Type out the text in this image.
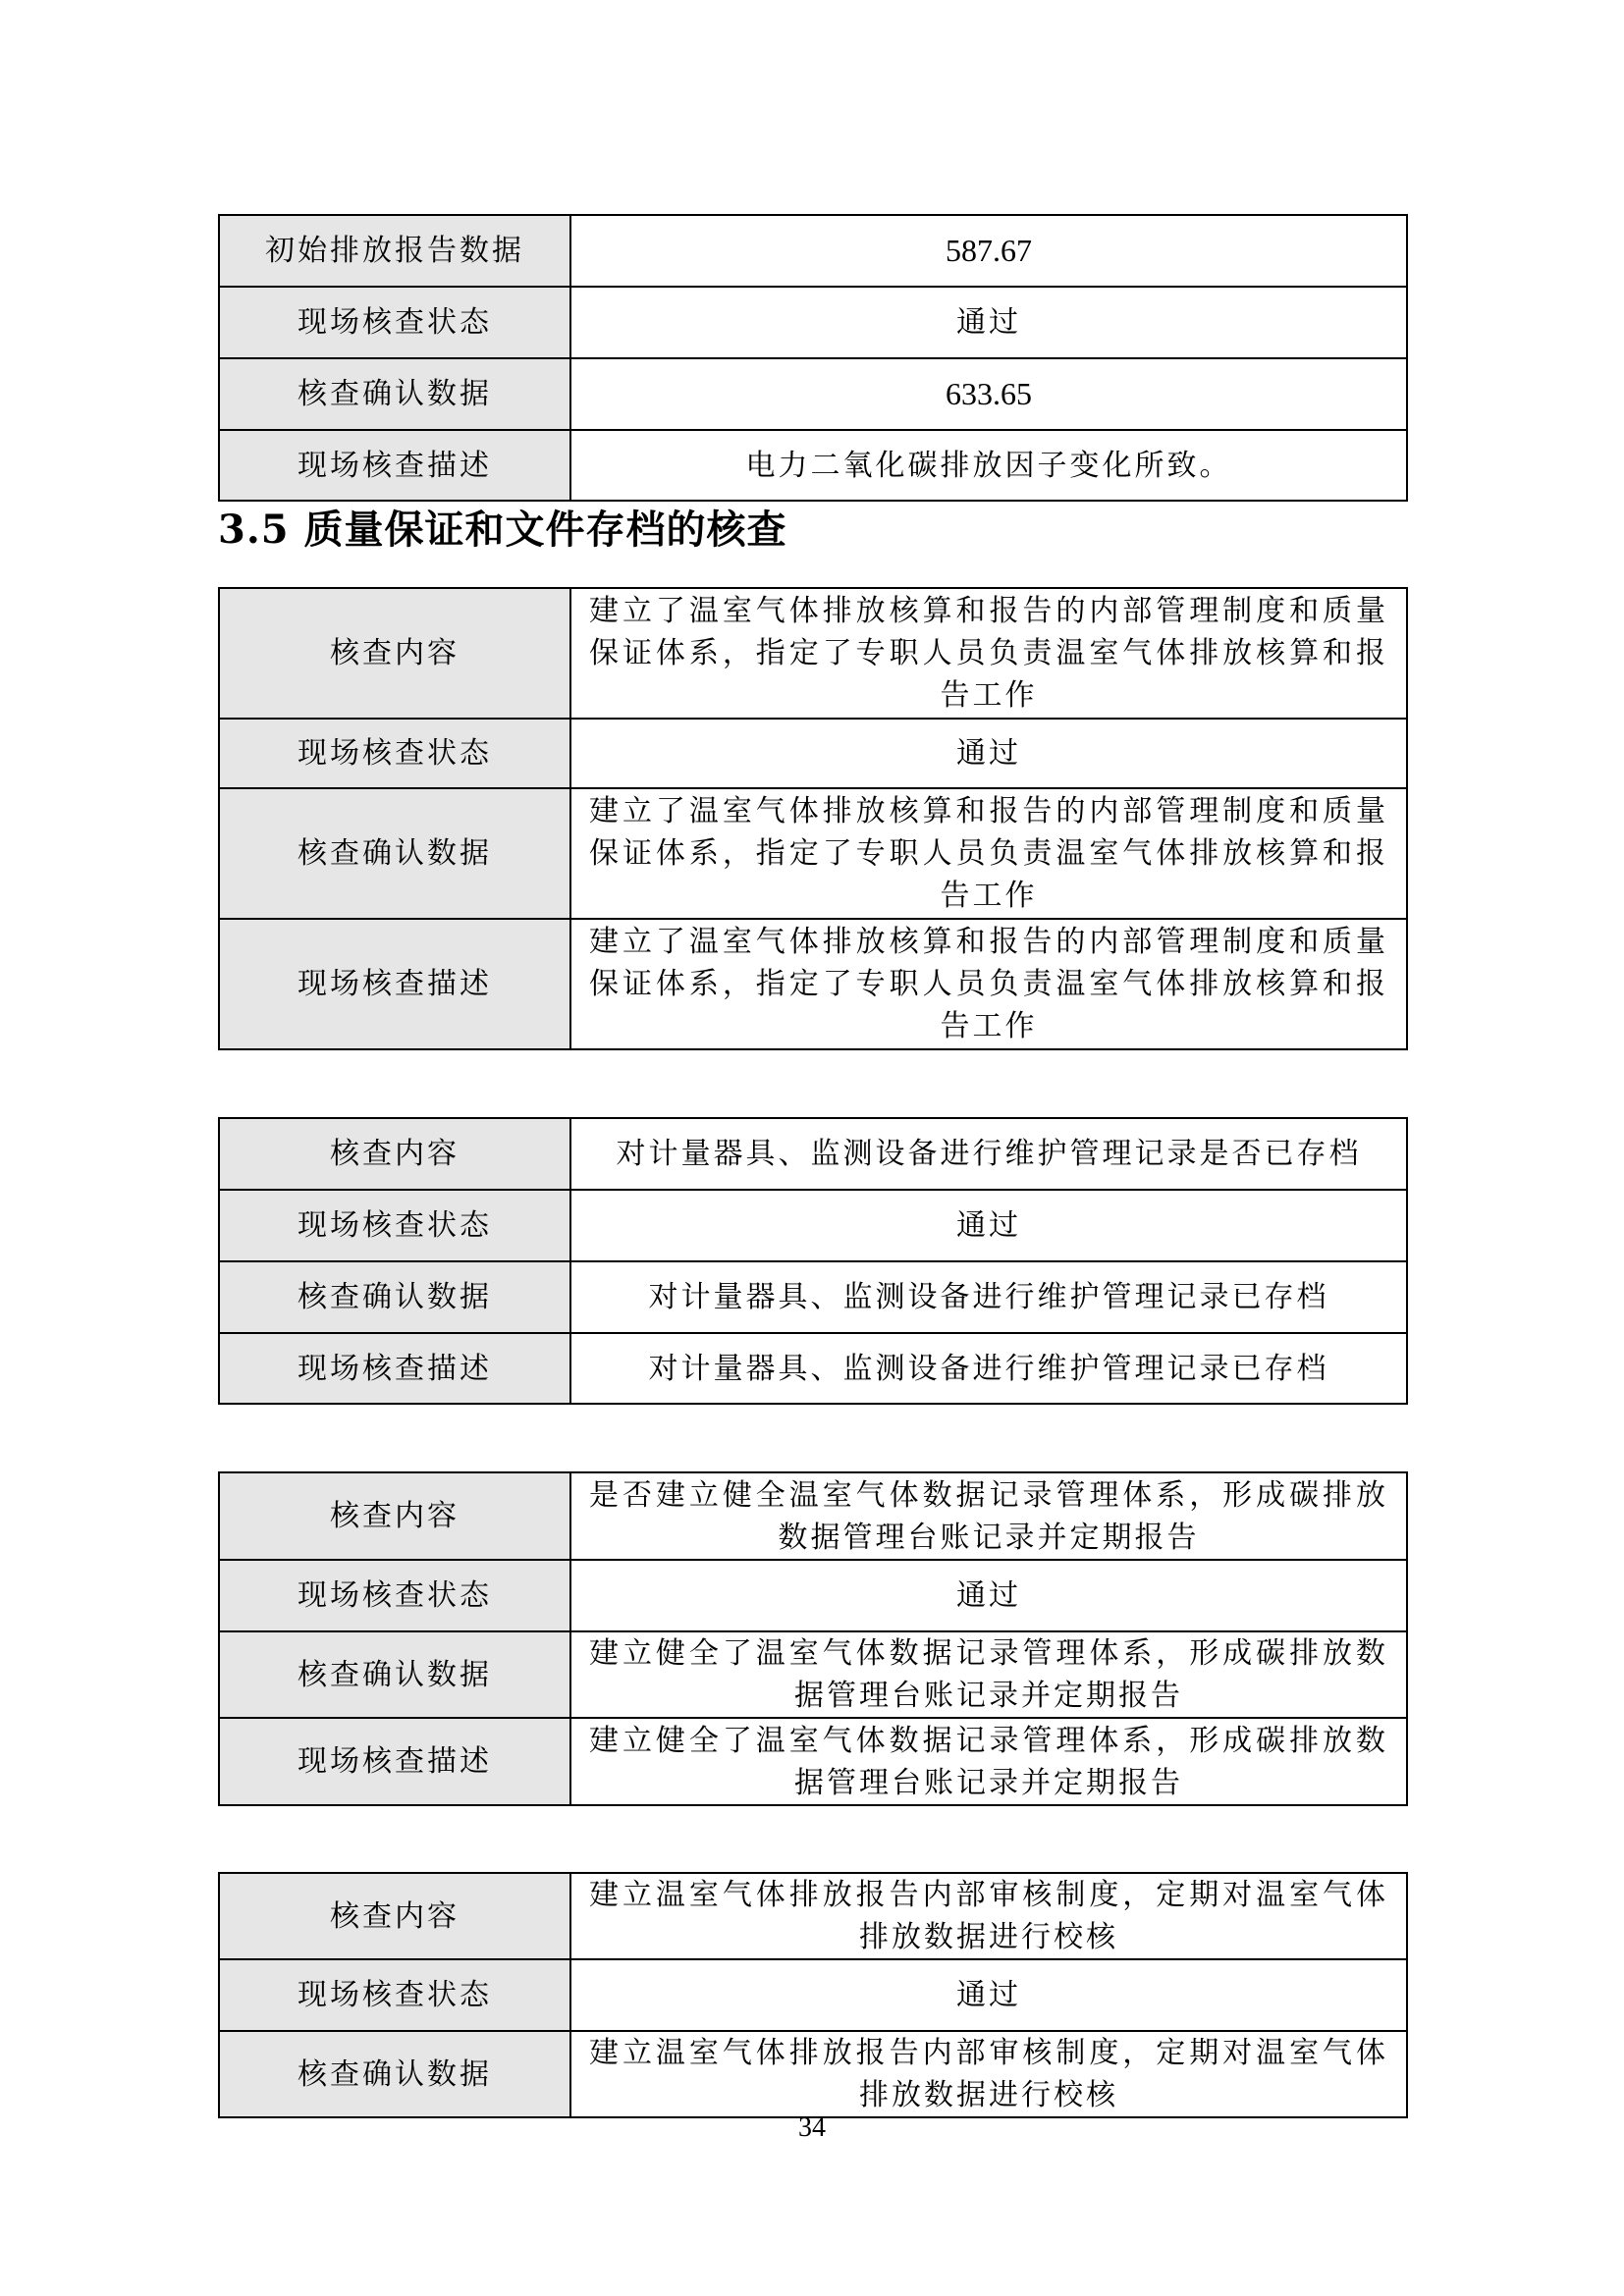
初始排放报告数据	587.67
现场核查状态	通过
核查确认数据	633.65
现场核查描述	电力二氧化碳排放因子变化所致。
3.5 质量保证和文件存档的核查
核查内容	建立了温室气体排放核算和报告的内部管理制度和质量保证体系，指定了专职人员负责温室气体排放核算和报告工作
现场核查状态	通过
核查确认数据	建立了温室气体排放核算和报告的内部管理制度和质量保证体系，指定了专职人员负责温室气体排放核算和报告工作
现场核查描述	建立了温室气体排放核算和报告的内部管理制度和质量保证体系，指定了专职人员负责温室气体排放核算和报告工作
核查内容	对计量器具、监测设备进行维护管理记录是否已存档
现场核查状态	通过
核查确认数据	对计量器具、监测设备进行维护管理记录已存档
现场核查描述	对计量器具、监测设备进行维护管理记录已存档
核查内容	是否建立健全温室气体数据记录管理体系，形成碳排放数据管理台账记录并定期报告
现场核查状态	通过
核查确认数据	建立健全了温室气体数据记录管理体系，形成碳排放数据管理台账记录并定期报告
现场核查描述	建立健全了温室气体数据记录管理体系，形成碳排放数据管理台账记录并定期报告
核查内容	建立温室气体排放报告内部审核制度，定期对温室气体排放数据进行校核
现场核查状态	通过
核查确认数据	建立温室气体排放报告内部审核制度，定期对温室气体排放数据进行校核
34
